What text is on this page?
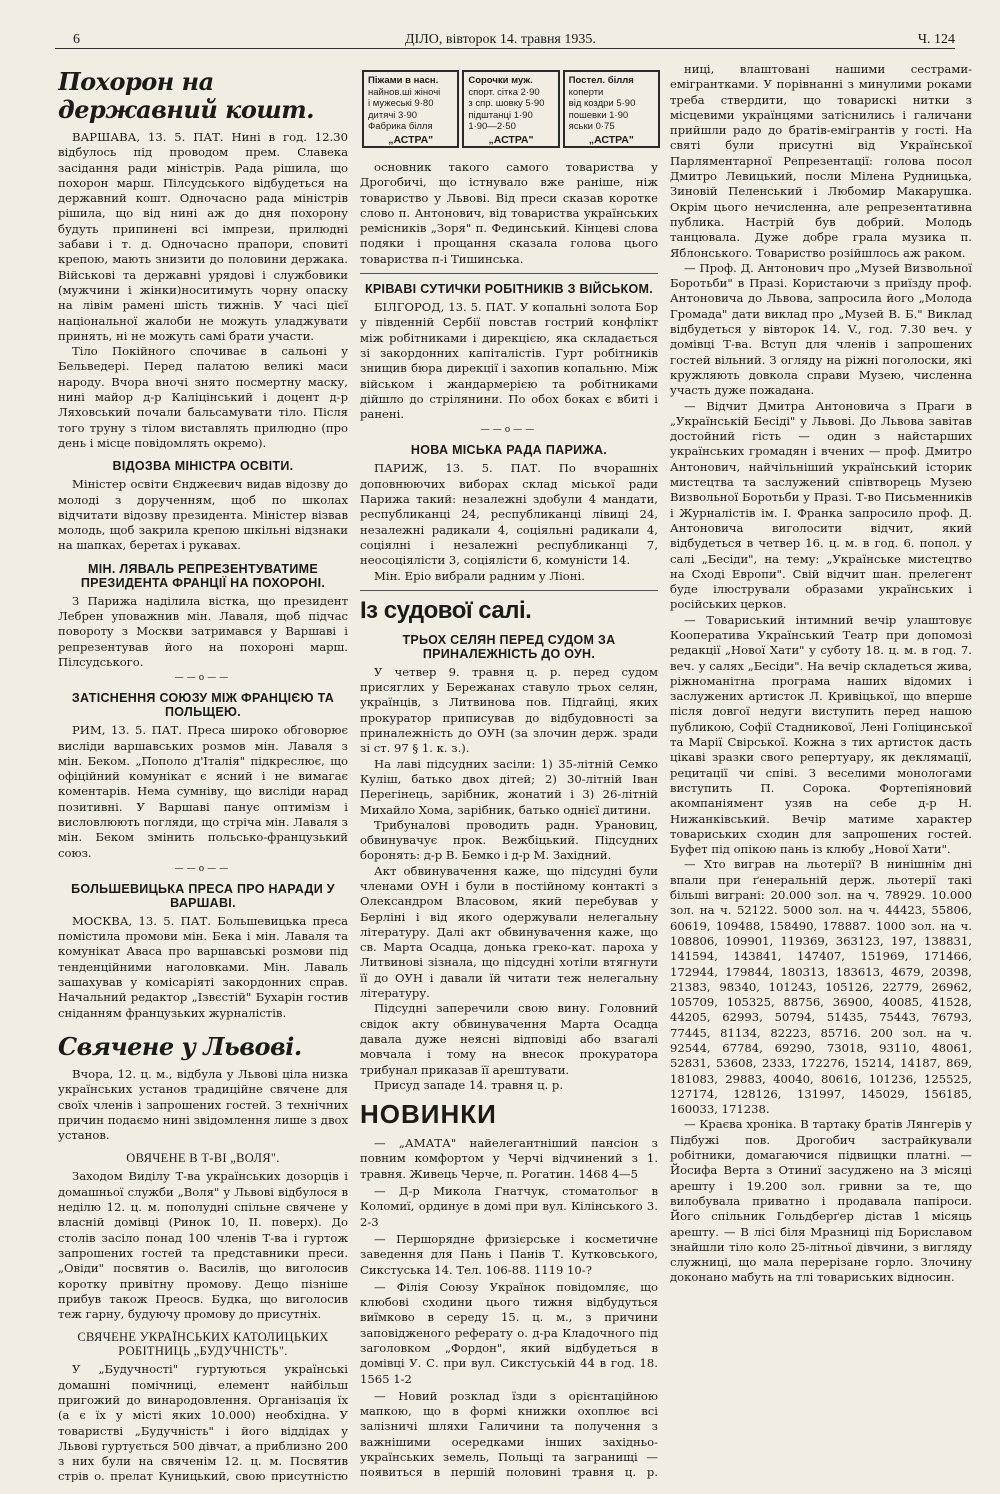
6	ДІЛО, вівторок 14. травня 1935.	Ч. 124
Піжами в насн.
найнов.ші жіночі
і мужеські 9·80
дитячі 3·90
Фабрика білля
„АСТРА"
Сорочки муж.
спорт. сітка 2·90
з спр. шовку 5·90
підштанці 1·90
1·90—2·50
„АСТРА"
Постел. білля
коперти
від коздри 5·90
пошевки 1·90
яськи 0·75
„АСТРА"
Похорон на державний кошт.

ВАРШАВА, 13. 5. ПАТ. Нині в год. 12.30 відбулось під проводом прем. Славека засідання ради міністрів. Рада рішила, що похорон марш. Пілсудського відбудеться на державний кошт. Одночасно рада міністрів рішила, що від нині аж до дня похорону будуть припинені всі імпрези, прилюдні забави і т. д. Одночасно прапори, сповиті крепою, мають знизити до половини держака. Військові та державні урядові і службовики (мужчини і жінки)носитимуть чорну опаску на лівім рамені шість тижнів. У часі цієї національної жалоби не можуть уладжувати принять, ні не можуть самі брати участи.

Тіло Покійного спочиває в сальоні у Бельведері. Перед палатою великі маси народу. Вчора вночі знято посмертну маску, нині майор д-р Каліцінський і доцент д-р Ляховський почали бальсамувати тіло. Після того труну з тілом виставлять прилюдно (про день і місце повідомлять окремо).

ВІДОЗВА МІНІСТРА ОСВІТИ.

Міністер освіти Єнджеєвич видав відозву до молоді з дорученням, щоб по школах відчитати відозву президента. Міністер візвав молодь, щоб закрила крепою шкільні відзнаки на шапках, беретах і рукавах.

МІН. ЛЯВАЛЬ РЕПРЕЗЕНТУВАТИМЕ ПРЕЗИДЕНТА ФРАНЦІЇ НА ПОХОРОНІ.

З Парижа наділила вістка, що президент Лебрен уповажнив мін. Лаваля, щоб підчас поворотy з Москви затримався у Варшаві і репрезентував його на похороні марш. Пілсудського.

——o——
ЗАТІСНЕННЯ СОЮЗУ МІЖ ФРАНЦІЄЮ ТА ПОЛЬЩЕЮ.

РИМ, 13. 5. ПАТ. Преса широко обговорює висліди варшавських розмов мін. Лаваля з мін. Беком. „Пополо д'Італія" підкреслює, що офіційний комунікат є ясний і не вимагає коментарів. Нема сумніву, що висліди нарад позитивні. У Варшаві панує оптимізм і висловлюють погляди, що стріча мін. Лаваля з мін. Беком змінить польсько-французький союз.

——o——
БОЛЬШЕВИЦЬКА ПРЕСА ПРО НАРАДИ У ВАРШАВІ.

МОСКВА, 13. 5. ПАТ. Большевицька преса помістила промови мін. Бека і мін. Лаваля та комунікат Аваса про варшавські розмови під тенденційними наголовками. Мін. Лаваль зашахував у комісаріяті закордонних справ. Начальний редактор „Ізвєстій" Бухарін гостив сніданням французьких журналістів.

Свячене у Львові.

Вчора, 12. ц. м., відбула у Львові ціла низка українських установ традиційне свячене для своїх членів і запрошених гостей. З технічних причин подаємо нині звідомлення лише з двох установ.

ОВЯЧЕНЕ В Т-ВІ „ВОЛЯ".

Заходом Виділу Т-ва українських дозорців і домашньої служби „Воля" у Львові відбулося в неділю 12. ц. м. пополудні спільне свячене у власній домівці (Ринок 10, II. поверх). До столів засіло понад 100 членів Т-ва і гуртож запрошених гостей та представники преси. „Овіди" посвятив о. Василів, що виголосив коротку привітну промову. Дещо пізніше прибув також Преосв. Будка, що виголосив теж гарну, будуючу промову до присутніх.

СВЯЧЕНЕ УКРАЇНСЬКИХ КАТОЛИЦЬКИХ РОБІТНИЦЬ „БУДУЧНІСТЬ".

У „Будучності" гуртуються українські домашні помічниці, елемент найбільш пригожий до винародовлення. Організація їх (а є їх у місті яких 10.000) необхідна. У товаристві „Будучність" і його віддідах у Львові гуртується 500 дівчат, а приблизно 200 з них були на свяченім 12. ц. м. Посвятив стрів о. прелат Куницький, свою присутністю

основник такого самого товариства у Дрогобичі, що істнувало вже раніше, ніж товариство у Львові. Від преси сказав коротке слово п. Антонович, від товариства українських ремісників „Зоря" п. Фединський. Кінцеві слова подяки і прощання сказала голова цього товариства п-і Тишинська.

КРІВАВІ СУТИЧКИ РОБІТНИКІВ З ВІЙСЬКОМ.

БІЛГОРОД, 13. 5. ПАТ. У копальні золота Бор у південній Сербії повстав гострий конфлікт між робітниками і дирекцією, яка складається зі закордонних капіталістів. Гурт робітників знищив бюра дирекції і захопив копальню. Між військом і жандармерією та робітниками дійшло до стрілянини. По обох боках є вбиті і ранені.

——o——
НОВА МІСЬКА РАДА ПАРИЖА.

ПАРИЖ, 13. 5. ПАТ. По вчорашніх доповнюючих виборах склад міської ради Парижа такий: незалежні здобули 4 мандати, республиканці 24, республиканці лівиці 24, незалежні радикали 4, соціяльні радикали 4, соціялні і незалежні республиканці 7, неосоціялісти 3, соціялісти 6, комуністи 14.

Мін. Еріо вибрали радним у Ліоні.

Із судової салі.
ТРЬОХ СЕЛЯН ПЕРЕД СУДОМ ЗА ПРИНАЛЕЖНІСТЬ ДО ОУН.

У четвер 9. травня ц. р. перед судом присяглих у Бережанах ставуло трьох селян, українців, з Литвинова пов. Підгайці, яких прокуратор приписував до відбудовності за приналежність до ОУН (за злочин держ. зради зі ст. 97 § 1. к. з.).

На лаві підсудних засіли: 1) 35-літній Семко Куліш, батько двох дітей; 2) 30-літній Іван Перегінець, зарібник, жонатий і 3) 26-літній Михайло Хома, зарібник, батько однієї дитини.

Трибуналові проводить радн. Урановиц, обвинувачує прок. Вежбіцький. Підсудних боронять: д-р В. Бемко і д-р М. Західний.

Акт обвинувачення каже, що підсудні були членами ОУН і були в постійному контакті з Олександром Власовом, який перебував у Берліні і від якого одержували нелегальну літературу. Далі акт обвинувачення каже, що св. Марта Осадца, донька греко-кат. пароха у Литвинові зізнала, що підсудні хотіли втягнути її до ОУН і давали їй читати теж нелегальну літературу.

Підсудні заперечили свою вину. Головний свідок акту обвинувачення Марта Осадца давала дуже неясні відповіді або взагалі мовчала і тому на внесок прокуратора трибунал приказав її арештувати.

Присуд западе 14. травня ц. р.

НОВИНКИ

— „АМАТА" найелегантніший пансіон з повним комфортом у Черчі відчинений з 1. травня. Живець Черче, п. Рогатин. 1468 4—5

— Д-р Микола Гнатчук, стоматольог в Коломиї, ординує в домі при вул. Кілінського 3. 2-3

— Першорядне фризієрське і косметичне заведення для Пань і Панів Т. Кутковського, Сикстуська 14. Тел. 106-88. 1119 10-?

— Філія Союзу Українок повідомляє, що клюбові сходини цього тижня відбудуться виїмково в середу 15. ц. м., з причини заповідженого реферату о. д-ра Кладочного під заголовком „Фордон", який відбудеться в домівці У. С. при вул. Сикстуській 44 в год. 18. 1565 1-2

— Новий розклад їзди з орієнтаційною мапкою, що в формі книжки охоплює всі залізничі шляхи Галичини та получення з важнішими осередками інших західньо-українських земель, Польщі та загранищі — появиться в першій половині травня ц. р.

ниці, влаштовані нашими сестрами-емігрантками. У порівнанні з минулими роками треба ствердити, що товарискі нитки з місцевими українцями затіснились і галичани прийшли радо до братів-емігрантів у гості. На святі були присутні від Української Парляментарної Репрезентації: голова посол Дмитро Левицький, посли Мілена Рудницька, Зиновій Пеленський і Любомир Макарушка. Окрім цього нечисленна, але репрезентативна публика. Настрій був добрий. Молодь танцювала. Дуже добре грала музика п. Яблонського. Товариство розійшлось аж раком.

— Проф. Д. Антонович про „Музей Визвольної Боротьби" в Празі. Користаючи з приїзду проф. Антоновича до Львова, запросила його „Молода Громада" дати виклад про „Музей В. Б." Виклад відбудеться у вівторок 14. V., год. 7.30 веч. у домівці Т-ва. Вступ для членів і запрошених гостей вільний. З огляду на ріжні поголоски, які кружляють довкола справи Музею, численна участь дуже пожадана.

— Відчит Дмитра Антоновича з Праги в „Українській Бесіді" у Львові. До Львова завітав достойний гість — один з найстарших українських громадян і вчених — проф. Дмитро Антонович, найчільніший український історик мистецтва та заслужений співтворець Музею Визвольної Боротьби у Празі. Т-во Письменників і Журналістів ім. І. Франка запросило проф. Д. Антоновича виголосити відчит, який відбудеться в четвер 16. ц. м. в год. 6. попол. у салі „Бесіди", на тему: „Українське мистецтво на Сході Европи". Свій відчит шан. прелегент буде ілюстрували образами українських і російських церков.

— Товариський інтимний вечір улаштовує Кооператива Український Театр при допомозі редакції „Нової Хати" у суботу 18. ц. м. в год. 7. веч. у салях „Бесіди". На вечір складеться жива, ріжноманітна програма наших відомих і заслужених артисток Л. Кривіцької, що вперше після довгої недуги виступить перед нашою публикою, Софії Стадникової, Лені Голіцинської та Марії Свірської. Кожна з тих артисток дасть цікаві зразки свого репертуару, як деклямації, рецитації чи співі. З веселими монологами виступить П. Сорока. Фортепіяновий акомпаніямент узяв на себе д-р Н. Нижанківський. Вечір матиме характер товариських сходин для запрошених гостей. Буфет під опікою пань із клюбу „Нової Хати".

— Хто виграв на льотерії? В нинішнім дні впали при ґенеральній держ. льотерії такі більші виграні: 20.000 зол. на ч. 78929. 10.000 зол. на ч. 52122. 5000 зол. на ч. 44423, 55806, 60619, 109488, 158490, 178887. 1000 зол. на ч. 108806, 109901, 119369, 363123, 197, 138831, 141594, 143841, 147407, 151969, 171466, 172944, 179844, 180313, 183613, 4679, 20398, 21383, 98340, 101243, 105126, 22779, 26962, 105709, 105325, 88756, 36900, 40085, 41528, 44205, 62993, 50794, 51435, 75443, 76793, 77445, 81134, 82223, 85716. 200 зол. на ч. 92544, 67784, 69290, 73018, 93110, 48061, 52831, 53608, 2333, 172276, 15214, 14187, 869, 181083, 29883, 40040, 80616, 101236, 125525, 127174, 128126, 131997, 145029, 156185, 160033, 171238.

— Краєва хроніка. В тартаку братів Лянгерів у Підбужі пов. Дрогобич застрайкували робітники, домагаючися підвищки платні. — Йосифа Верта з Отиниї засуджено на 3 місяці арешту і 19.200 зол. гривни за те, що вилобувала приватно і продавала папіроси. Його спільник Гольдберґер дістав 1 місяць арешту. — В лісі біля Мразниці під Бориславом знайшли тіло коло 25-літньої дівчини, з вигляду служниці, що мала перерізане горло. Злочину доконано мабуть на тлі товариських відносин.
